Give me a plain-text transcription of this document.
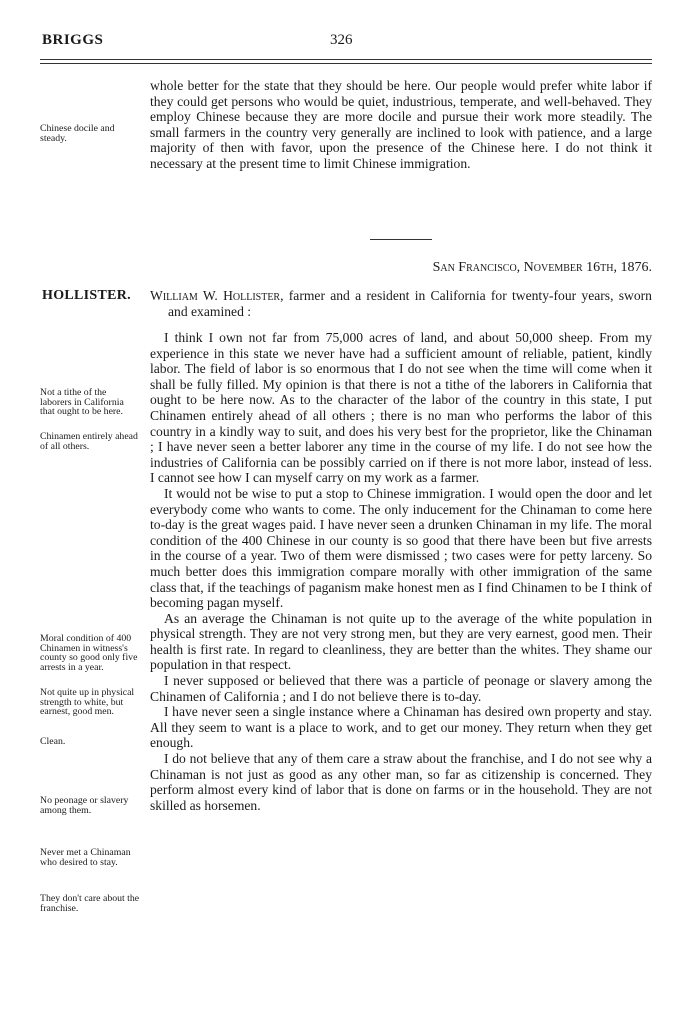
BRIGGS	326

whole better for the state that they should be here. Our people would prefer white labor if they could get persons who would be quiet, industrious, temperate, and well-behaved. They employ Chinese because they are more docile and pursue their work more steadily. The small farmers in the country very generally are inclined to look with patience, and a large majority of then with favor, upon the presence of the Chinese here. I do not think it necessary at the present time to limit Chinese immigration.

San Francisco, November 16th, 1876.
HOLLISTER. William W. Hollister, farmer and a resident in California for twenty-four years, sworn and examined :

I think I own not far from 75,000 acres of land, and about 50,000 sheep. From my experience in this state we never have had a sufficient amount of reliable, patient, kindly labor. The field of labor is so enormous that I do not see when the time will come when it shall be fully filled. My opinion is that there is not a tithe of the laborers in California that ought to be here now. As to the character of the labor of the country in this state, I put Chinamen entirely ahead of all others ; there is no man who performs the labor of this country in a kindly way to suit, and does his very best for the proprietor, like the Chinaman ; I have never seen a better laborer any time in the course of my life. I do not see how the industries of California can be possibly carried on if there is not more labor, instead of less. I cannot see how I can myself carry on my work as a farmer.

It would not be wise to put a stop to Chinese immigration. I would open the door and let everybody come who wants to come. The only inducement for the Chinaman to come here to-day is the great wages paid. I have never seen a drunken Chinaman in my life. The moral condition of the 400 Chinese in our county is so good that there have been but five arrests in the course of a year. Two of them were dismissed ; two cases were for petty larceny. So much better does this immigration compare morally with other immigration of the same class that, if the teachings of paganism make honest men as I find Chinamen to be I think of becoming pagan myself.

As an average the Chinaman is not quite up to the average of the white population in physical strength. They are not very strong men, but they are very earnest, good men. Their health is first rate. In regard to cleanliness, they are better than the whites. They shame our population in that respect.

I never supposed or believed that there was a particle of peonage or slavery among the Chinamen of California ; and I do not believe there is to-day.

I have never seen a single instance where a Chinaman has desired own property and stay. All they seem to want is a place to work, and to get our money. They return when they get enough.

I do not believe that any of them care a straw about the franchise, and I do not see why a Chinaman is not just as good as any other man, so far as citizenship is concerned. They perform almost every kind of labor that is done on farms or in the household. They are not skilled as horsemen.

Chinese docile and steady.
Not a tithe of the laborers in California that ought to be here.
Chinamen entirely ahead of all others.
Moral condition of 400 Chinamen in witness's county so good only five arrests in a year.
Not quite up in physical strength to white, but earnest, good men.
Clean.
No peonage or slavery among them.
Never met a Chinaman who desired to stay.
They don't care about the franchise.
